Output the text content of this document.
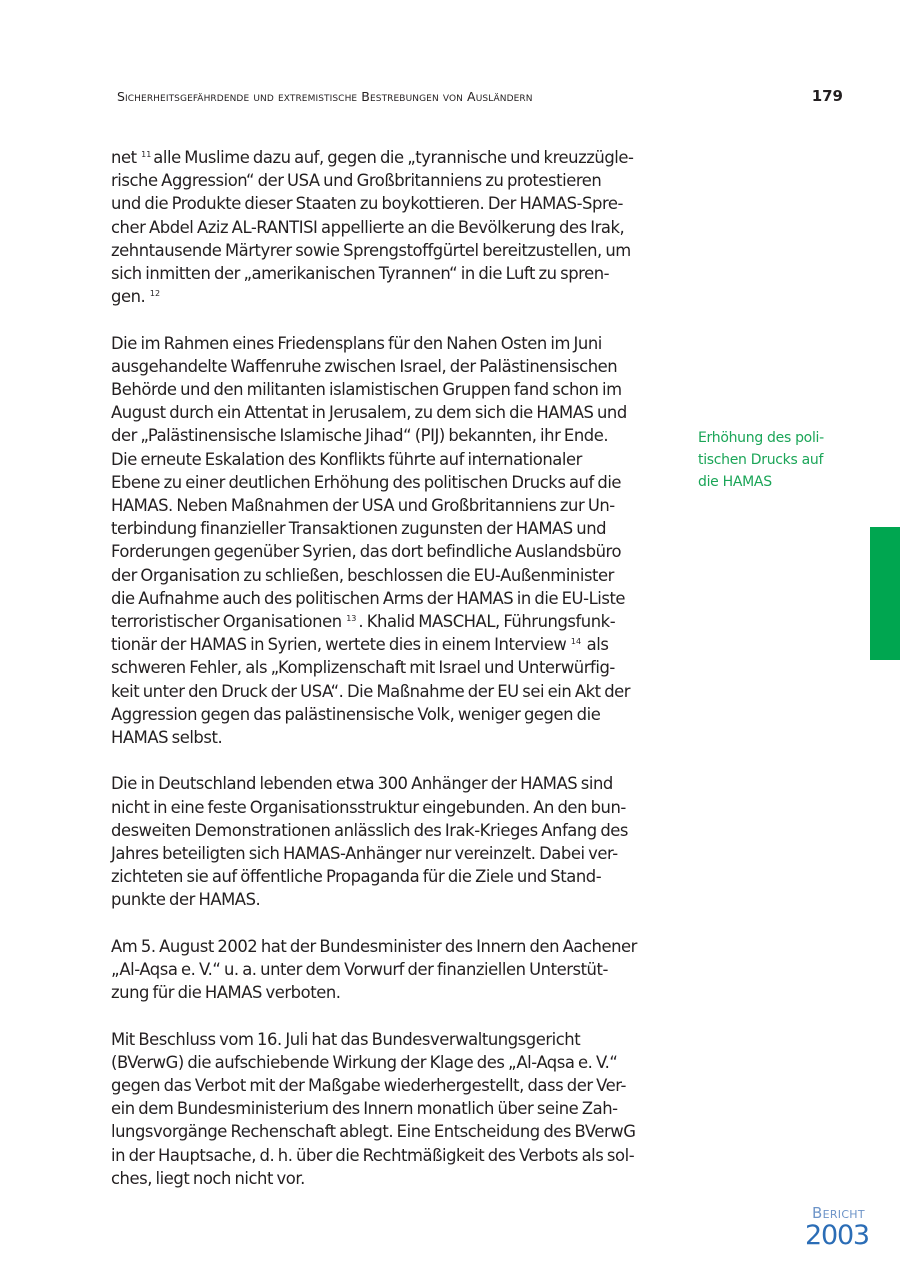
Sicherheitsgefährdende und extremistische Bestrebungen von Ausländern	179

net $^{11}$ alle Muslime dazu auf, gegen die „tyrannische und kreuzzügle-
rische Aggression“ der USA und Großbritanniens zu protestieren
und die Produkte dieser Staaten zu boykottieren. Der HAMAS-Spre-
cher Abdel Aziz AL-RANTISI appellierte an die Bevölkerung des Irak,
zehntausende Märtyrer sowie Sprengstoffgürtel bereitzustellen, um
sich inmitten der „amerikanischen Tyrannen“ in die Luft zu spren-
gen. $^{12}$

Die im Rahmen eines Friedensplans für den Nahen Osten im Juni
ausgehandelte Waffenruhe zwischen Israel, der Palästinensischen
Behörde und den militanten islamistischen Gruppen fand schon im
August durch ein Attentat in Jerusalem, zu dem sich die HAMAS und
der „Palästinensische Islamische Jihad“ (PIJ) bekannten, ihr Ende.
Die erneute Eskalation des Konflikts führte auf internationaler
Ebene zu einer deutlichen Erhöhung des politischen Drucks auf die
HAMAS. Neben Maßnahmen der USA und Großbritanniens zur Un-
terbindung finanzieller Transaktionen zugunsten der HAMAS und
Forderungen gegenüber Syrien, das dort befindliche Auslandsbüro
der Organisation zu schließen, beschlossen die EU-Außenminister
die Aufnahme auch des politischen Arms der HAMAS in die EU-Liste
terroristischer Organisationen $^{13}$ . Khalid MASCHAL, Führungsfunk-
tionär der HAMAS in Syrien, wertete dies in einem Interview $^{14}$ als
schweren Fehler, als „Komplizenschaft mit Israel und Unterwürfig-
keit unter den Druck der USA“. Die Maßnahme der EU sei ein Akt der
Aggression gegen das palästinensische Volk, weniger gegen die
HAMAS selbst.

Die in Deutschland lebenden etwa 300 Anhänger der HAMAS sind
nicht in eine feste Organisationsstruktur eingebunden. An den bun-
desweiten Demonstrationen anlässlich des Irak-Krieges Anfang des
Jahres beteiligten sich HAMAS-Anhänger nur vereinzelt. Dabei ver-
zichteten sie auf öffentliche Propaganda für die Ziele und Stand-
punkte der HAMAS.

Am 5. August 2002 hat der Bundesminister des Innern den Aachener
„Al-Aqsa e. V.“ u. a. unter dem Vorwurf der finanziellen Unterstüt-
zung für die HAMAS verboten.

Mit Beschluss vom 16. Juli hat das Bundesverwaltungsgericht
(BVerwG) die aufschiebende Wirkung der Klage des „Al-Aqsa e. V.“
gegen das Verbot mit der Maßgabe wiederhergestellt, dass der Ver-
ein dem Bundesministerium des Innern monatlich über seine Zah-
lungsvorgänge Rechenschaft ablegt. Eine Entscheidung des BVerwG
in der Hauptsache, d. h. über die Rechtmäßigkeit des Verbots als sol-
ches, liegt noch nicht vor.

Erhöhung des poli-
tischen Drucks auf
die HAMAS
Bericht
2003
